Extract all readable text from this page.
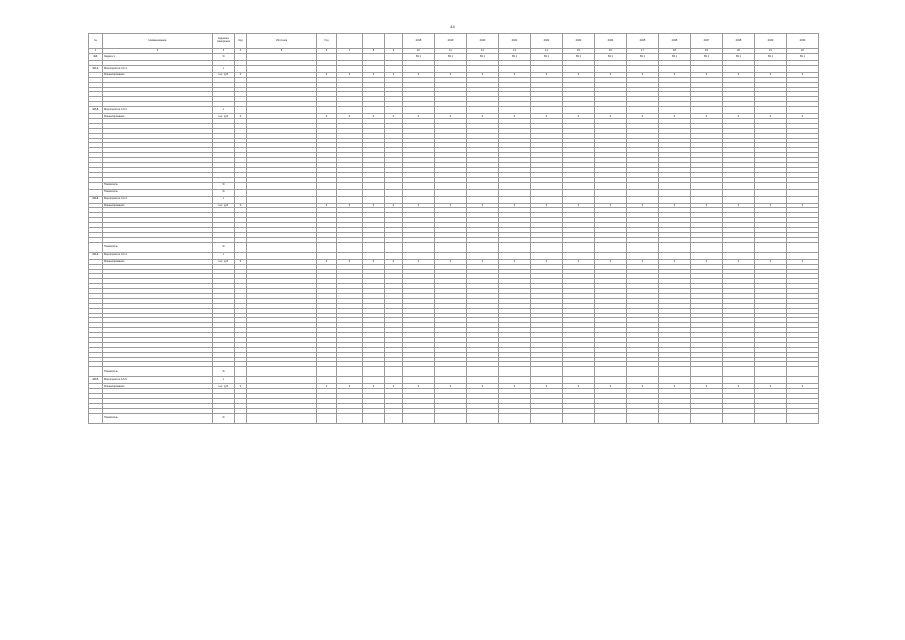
44
№	Наименование	Единица измерения	Код	Источник	Год				2018	2019	2020	2021	2022	2023	2024	2025	2026	2027	2028	2029	2030
1	2	3	4	5	6	7	8	9	10	11	12	13	14	15	16	17	18	19	20	21	22
4.6.	Задача 1	%							83,1	83,1	83,1	83,1	83,1	83,1	83,1	83,1	83,1	83,1	83,1	83,1	83,1

4.6.1.	Мероприятие 4.6.1.	х																			
	Финансирование	тыс. руб.	0		0	0	0	0	0	0	0	0	0	0	0	0	0	0	0	0	0

4.6.2.	Мероприятие 4.6.2.	х																			
	Финансирование	тыс. руб.	0		0	0	0	0	0	0	0	0	0	0	0	0	0	0	0	0	0

	Показатель	%																			
	Показатель	%																			
4.6.3.	Мероприятие 4.6.3.	х																			
	Финансирование	тыс. руб.	0		0	0	0	0	0	0	0	0	0	0	0	0	0	0	0	0	0

	Показатель	%																			
4.6.4.	Мероприятие 4.6.4.	х																			
	Финансирование	тыс. руб.	0		0	0	0	0	0	0	0	0	0	0	0	0	0	0	0	0	0

	Показатель	%																			
4.6.5.	Мероприятие 4.6.5.	х																			
	Финансирование	тыс. руб.	0		0	0	0	0	0	0	0	0	0	0	0	0	0	0	0	0	0

	Показатель	%																			
